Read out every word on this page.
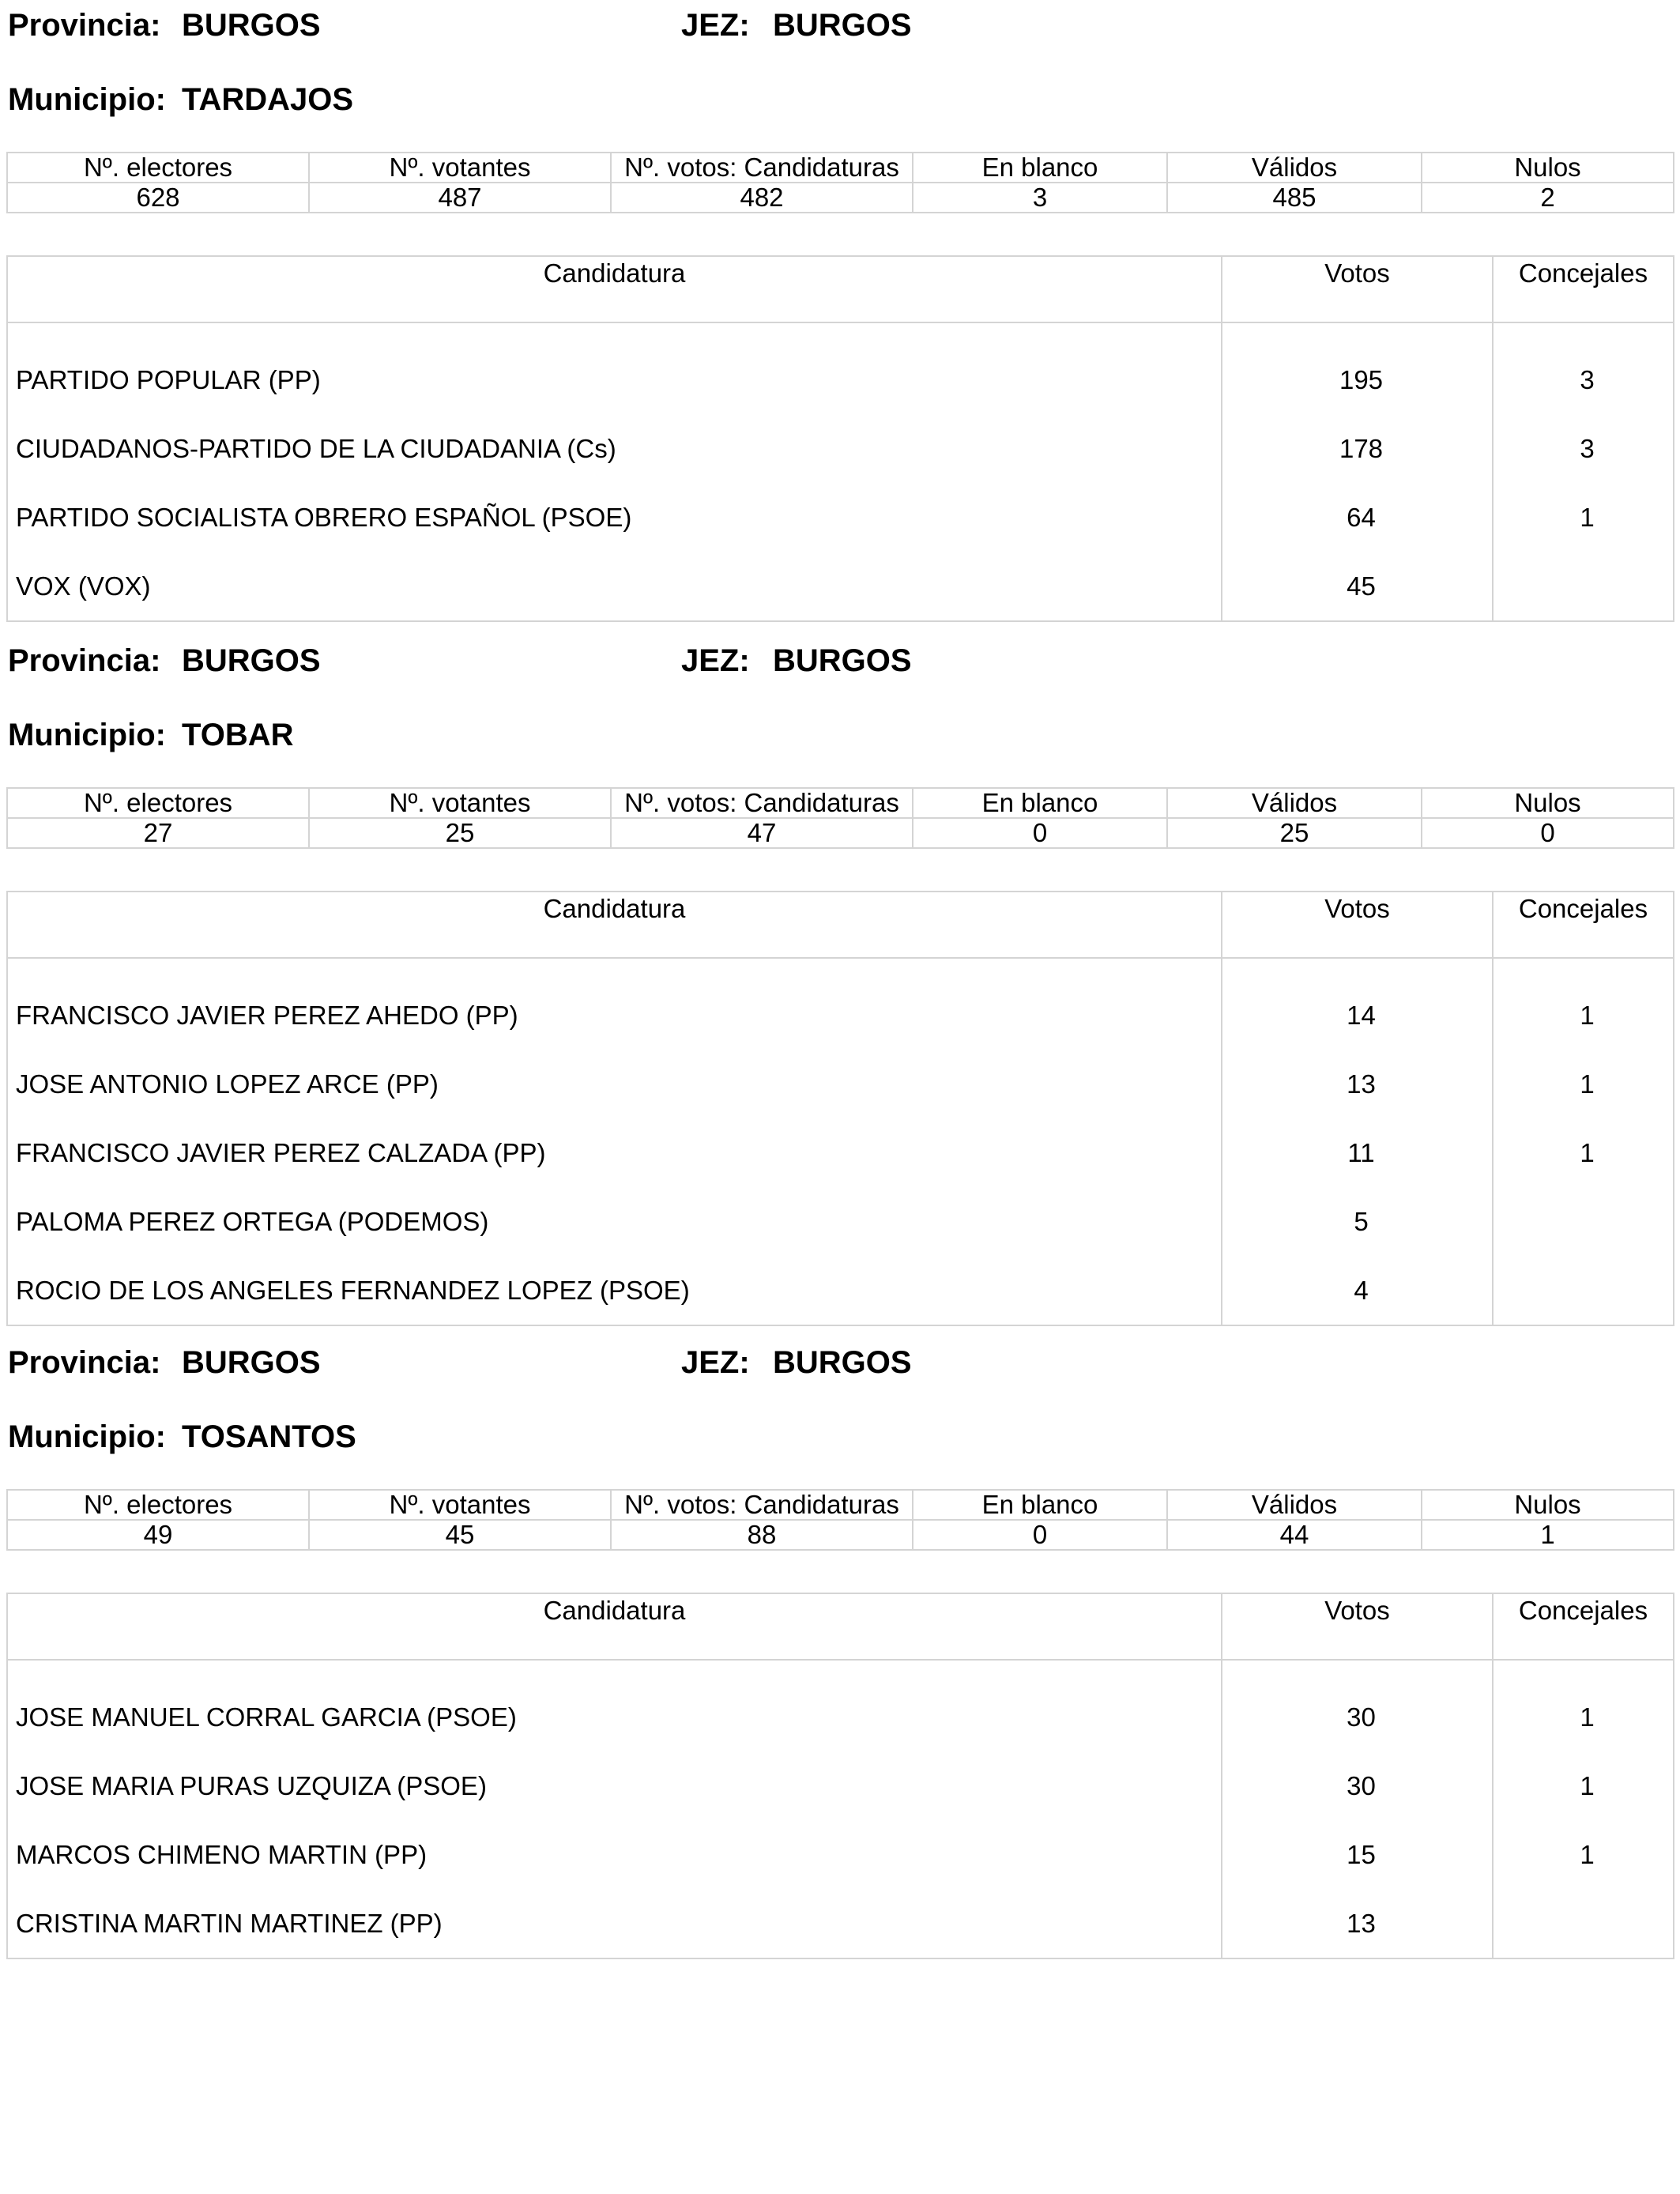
Provincia: BURGOS	JEZ: BURGOS
Municipio: TARDAJOS
Nº. electores	Nº. votantes	Nº. votos: Candidaturas	En blanco	Válidos	Nulos
628	487	482	3	485	2
Candidatura	Votos	Concejales

PARTIDO POPULAR (PP)	195	3
CIUDADANOS-PARTIDO DE LA CIUDADANIA (Cs)	178	3
PARTIDO SOCIALISTA OBRERO ESPAÑOL (PSOE)	64	1
VOX (VOX)	45	
Provincia: BURGOS	JEZ: BURGOS
Municipio: TOBAR
Nº. electores	Nº. votantes	Nº. votos: Candidaturas	En blanco	Válidos	Nulos
27	25	47	0	25	0
Candidatura	Votos	Concejales

FRANCISCO JAVIER PEREZ AHEDO (PP)	14	1
JOSE ANTONIO LOPEZ ARCE (PP)	13	1
FRANCISCO JAVIER PEREZ CALZADA (PP)	11	1
PALOMA PEREZ ORTEGA (PODEMOS)	5	
ROCIO DE LOS ANGELES FERNANDEZ LOPEZ (PSOE)	4	
Provincia: BURGOS	JEZ: BURGOS
Municipio: TOSANTOS
Nº. electores	Nº. votantes	Nº. votos: Candidaturas	En blanco	Válidos	Nulos
49	45	88	0	44	1
Candidatura	Votos	Concejales

JOSE MANUEL CORRAL GARCIA (PSOE)	30	1
JOSE MARIA PURAS UZQUIZA (PSOE)	30	1
MARCOS CHIMENO MARTIN (PP)	15	1
CRISTINA MARTIN MARTINEZ (PP)	13	
